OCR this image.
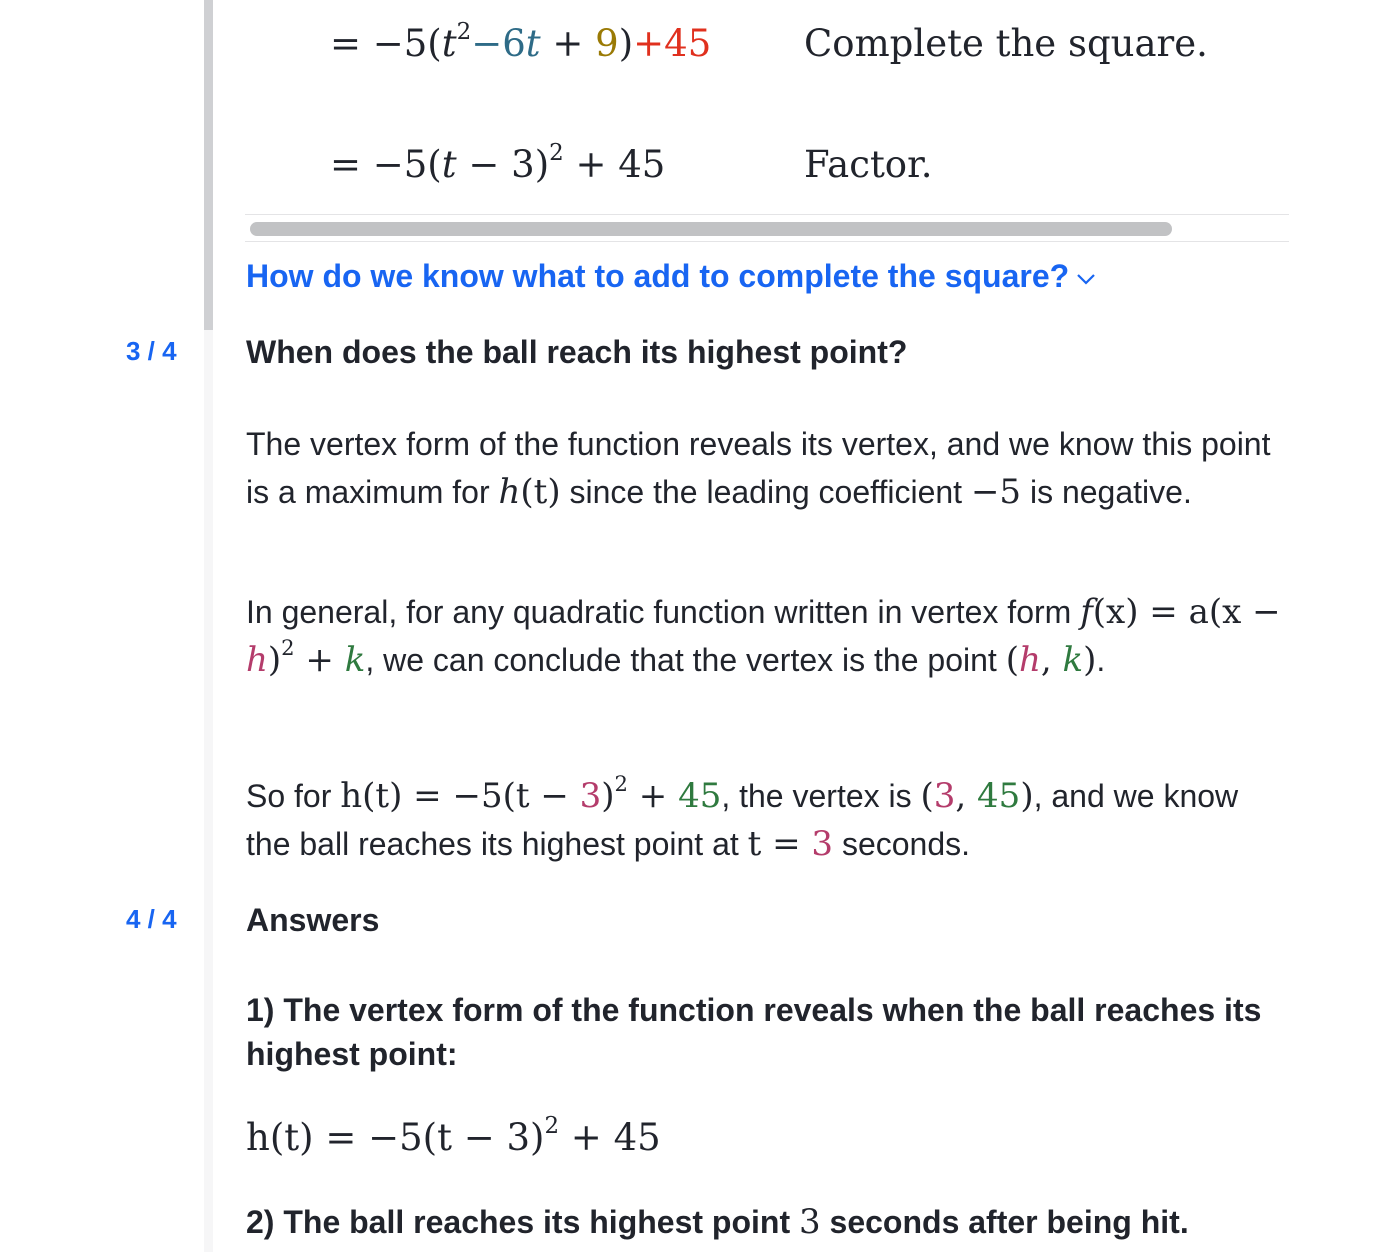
= $-5(t^2-6t + 9)+45$	Complete the square.
= $-5(t - 3)^2 + 45$	Factor.
How do we know what to add to complete the square?
3 / 4	When does the ball reach its highest point?
The vertex form of the function reveals its vertex, and we know this point is a maximum for h(t) since the leading coefficient −5 is negative.
In general, for any quadratic function written in vertex form $f(x) = a(x - h)^2 + k$, we can conclude that the vertex is the point (h, k).
So for $h(t) = -5(t - 3)^2 + 45$, the vertex is (3, 45), and we know the ball reaches its highest point at t = 3 seconds.
4 / 4	Answers
1) The vertex form of the function reveals when the ball reaches its highest point:
$h(t) = -5(t - 3)^2 + 45$
2) The ball reaches its highest point 3 seconds after being hit.
